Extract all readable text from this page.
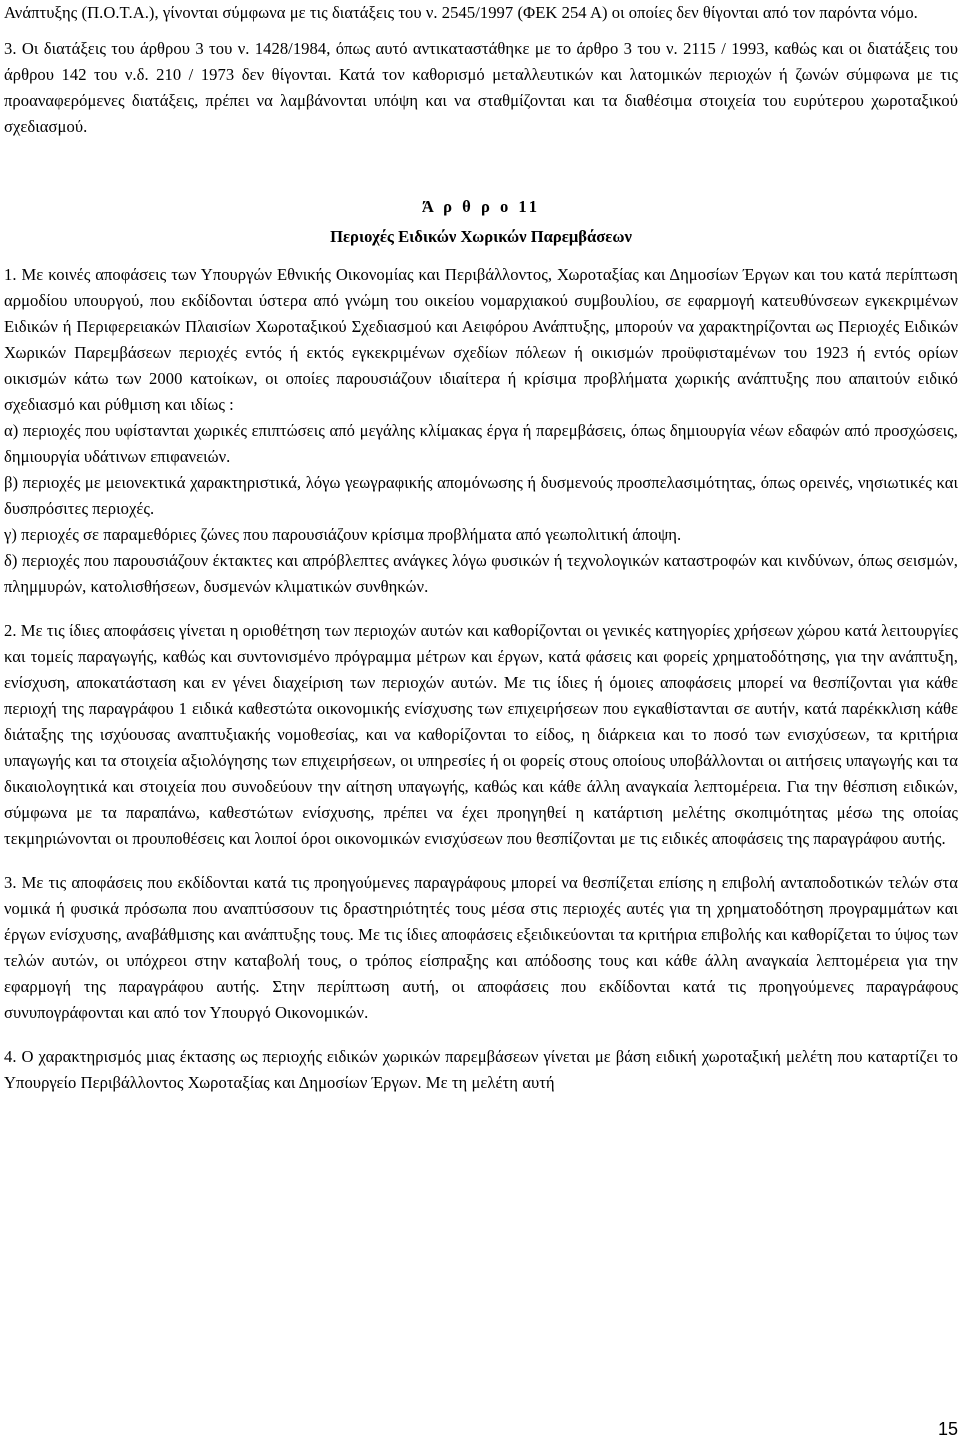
Ανάπτυξης (Π.Ο.Τ.Α.), γίνονται σύμφωνα με τις διατάξεις του ν. 2545/1997 (ΦΕΚ 254 Α) οι οποίες δεν θίγονται από τον παρόντα νόμο.

3. Οι διατάξεις του άρθρου 3 του ν. 1428/1984, όπως αυτό αντικαταστάθηκε με το άρθρο 3 του ν. 2115 / 1993, καθώς και οι διατάξεις του άρθρου 142 του ν.δ. 210 / 1973 δεν θίγονται. Κατά τον καθορισμό μεταλλευτικών και λατομικών περιοχών ή ζωνών σύμφωνα με τις προαναφερόμενες διατάξεις, πρέπει να λαμβάνονται υπόψη και να σταθμίζονται και τα διαθέσιμα στοιχεία του ευρύτερου χωροταξικού σχεδιασμού.

Ά ρ θ ρ ο 11
Περιοχές Ειδικών Χωρικών Παρεμβάσεων

1. Με κοινές αποφάσεις των Υπουργών Εθνικής Οικονομίας και Περιβάλλοντος, Χωροταξίας και Δημοσίων Έργων και του κατά περίπτωση αρμοδίου υπουργού, που εκδίδονται ύστερα από γνώμη του οικείου νομαρχιακού συμβουλίου, σε εφαρμογή κατευθύνσεων εγκεκριμένων Ειδικών ή Περιφερειακών Πλαισίων Χωροταξικού Σχεδιασμού και Αειφόρου Ανάπτυξης, μπορούν να χαρακτηρίζονται ως Περιοχές Ειδικών Χωρικών Παρεμβάσεων περιοχές εντός ή εκτός εγκεκριμένων σχεδίων πόλεων ή οικισμών προϋφισταμένων του 1923 ή εντός ορίων οικισμών κάτω των 2000 κατοίκων, οι οποίες παρουσιάζουν ιδιαίτερα ή κρίσιμα προβλήματα χωρικής ανάπτυξης που απαιτούν ειδικό σχεδιασμό και ρύθμιση και ιδίως :

α) περιοχές που υφίστανται χωρικές επιπτώσεις από μεγάλης κλίμακας έργα ή παρεμβάσεις, όπως δημιουργία νέων εδαφών από προσχώσεις, δημιουργία υδάτινων επιφανειών.

β) περιοχές με μειονεκτικά χαρακτηριστικά, λόγω γεωγραφικής απομόνωσης ή δυσμενούς προσπελασιμότητας, όπως ορεινές, νησιωτικές και δυσπρόσιτες περιοχές.

γ) περιοχές σε παραμεθόριες ζώνες που παρουσιάζουν κρίσιμα προβλήματα από γεωπολιτική άποψη.

δ) περιοχές που παρουσιάζουν έκτακτες και απρόβλεπτες ανάγκες λόγω φυσικών ή τεχνολογικών καταστροφών και κινδύνων, όπως σεισμών, πλημμυρών, κατολισθήσεων, δυσμενών κλιματικών συνθηκών.

2. Με τις ίδιες αποφάσεις γίνεται η οριοθέτηση των περιοχών αυτών και καθορίζονται οι γενικές κατηγορίες χρήσεων χώρου κατά λειτουργίες και τομείς παραγωγής, καθώς και συντονισμένο πρόγραμμα μέτρων και έργων, κατά φάσεις και φορείς χρηματοδότησης, για την ανάπτυξη, ενίσχυση, αποκατάσταση και εν γένει διαχείριση των περιοχών αυτών. Με τις ίδιες ή όμοιες αποφάσεις μπορεί να θεσπίζονται για κάθε περιοχή της παραγράφου 1 ειδικά καθεστώτα οικονομικής ενίσχυσης των επιχειρήσεων που εγκαθίστανται σε αυτήν, κατά παρέκκλιση κάθε διάταξης της ισχύουσας αναπτυξιακής νομοθεσίας, και να καθορίζονται το είδος, η διάρκεια και το ποσό των ενισχύσεων, τα κριτήρια υπαγωγής και τα στοιχεία αξιολόγησης των επιχειρήσεων, οι υπηρεσίες ή οι φορείς στους οποίους υποβάλλονται οι αιτήσεις υπαγωγής και τα δικαιολογητικά και στοιχεία που συνοδεύουν την αίτηση υπαγωγής, καθώς και κάθε άλλη αναγκαία λεπτομέρεια. Για την θέσπιση ειδικών, σύμφωνα με τα παραπάνω, καθεστώτων ενίσχυσης, πρέπει να έχει προηγηθεί η κατάρτιση μελέτης σκοπιμότητας μέσω της οποίας τεκμηριώνονται οι προυποθέσεις και λοιποί όροι οικονομικών ενισχύσεων που θεσπίζονται με τις ειδικές αποφάσεις της παραγράφου αυτής.

3. Με τις αποφάσεις που εκδίδονται κατά τις προηγούμενες παραγράφους μπορεί να θεσπίζεται επίσης η επιβολή ανταποδοτικών τελών στα νομικά ή φυσικά πρόσωπα που αναπτύσσουν τις δραστηριότητές τους μέσα στις περιοχές αυτές για τη χρηματοδότηση προγραμμάτων και έργων ενίσχυσης, αναβάθμισης και ανάπτυξης τους. Με τις ίδιες αποφάσεις εξειδικεύονται τα κριτήρια επιβολής και καθορίζεται το ύψος των τελών αυτών, οι υπόχρεοι στην καταβολή τους, ο τρόπος είσπραξης και απόδοσης τους και κάθε άλλη αναγκαία λεπτομέρεια για την εφαρμογή της παραγράφου αυτής. Στην περίπτωση αυτή, οι αποφάσεις που εκδίδονται κατά τις προηγούμενες παραγράφους συνυπογράφονται και από τον Υπουργό Οικονομικών.

4. Ο χαρακτηρισμός μιας έκτασης ως περιοχής ειδικών χωρικών παρεμβάσεων γίνεται με βάση ειδική χωροταξική μελέτη που καταρτίζει το Υπουργείο Περιβάλλοντος Χωροταξίας και Δημοσίων Έργων. Με τη μελέτη αυτή

15
